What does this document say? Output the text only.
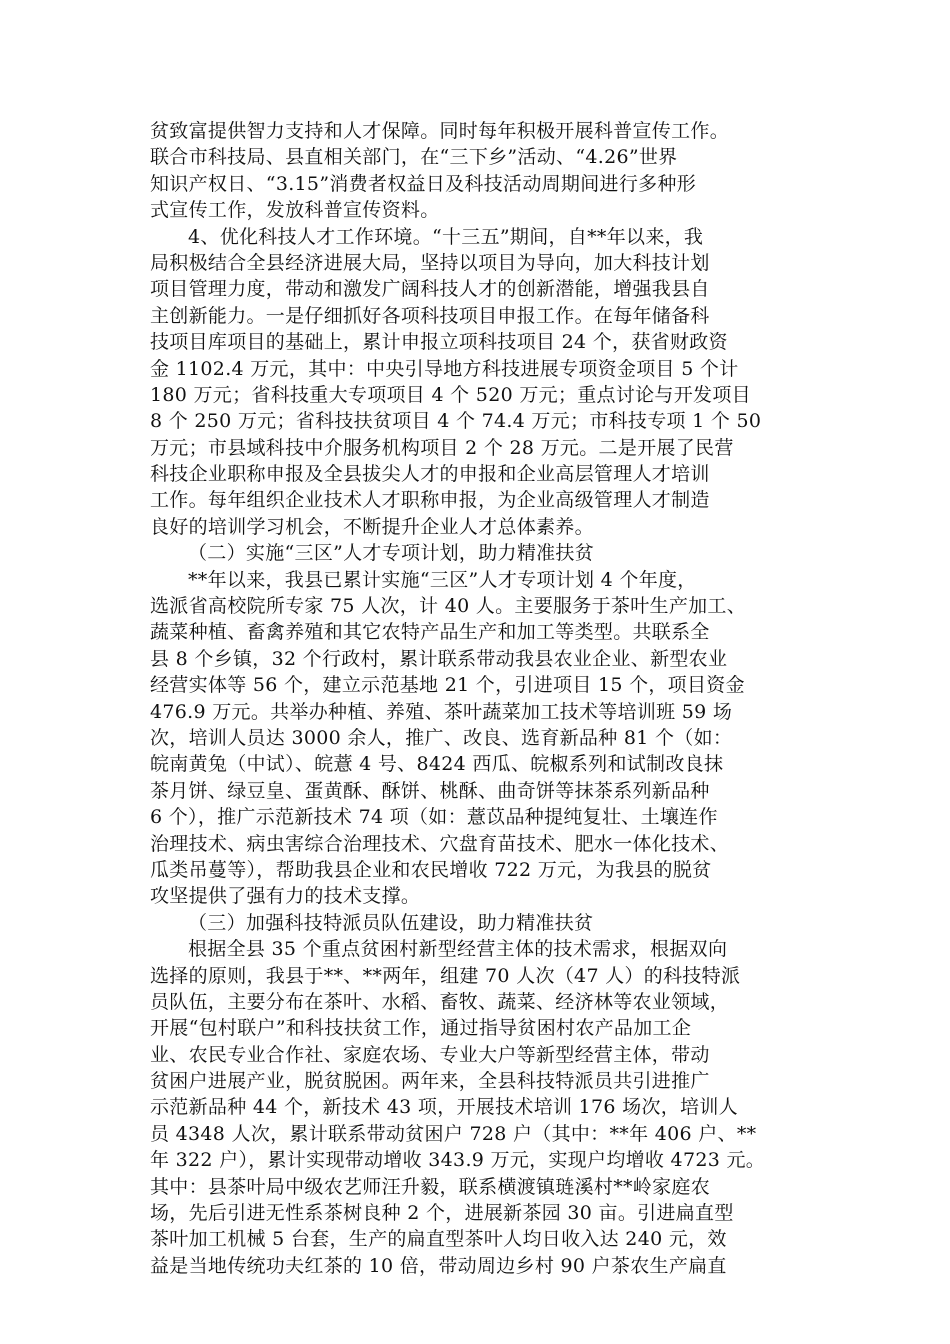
贫致富提供智力支持和人才保障。同时每年积极开展科普宣传工作。
联合市科技局、县直相关部门，在“三下乡”活动、“4.26”世界
知识产权日、“3.15”消费者权益日及科技活动周期间进行多种形
式宣传工作，发放科普宣传资料。
4、优化科技人才工作环境。“十三五”期间，自**年以来，我
局积极结合全县经济进展大局，坚持以项目为导向，加大科技计划
项目管理力度，带动和激发广阔科技人才的创新潜能，增强我县自
主创新能力。一是仔细抓好各项科技项目申报工作。在每年储备科
技项目库项目的基础上，累计申报立项科技项目 24 个，获省财政资
金 1102.4 万元，其中：中央引导地方科技进展专项资金项目 5 个计
180 万元；省科技重大专项项目 4 个 520 万元；重点讨论与开发项目
8 个 250 万元；省科技扶贫项目 4 个 74.4 万元；市科技专项 1 个 50
万元；市县域科技中介服务机构项目 2 个 28 万元。二是开展了民营
科技企业职称申报及全县拔尖人才的申报和企业高层管理人才培训
工作。每年组织企业技术人才职称申报，为企业高级管理人才制造
良好的培训学习机会，不断提升企业人才总体素养。
（二）实施“三区”人才专项计划，助力精准扶贫
**年以来，我县已累计实施“三区”人才专项计划 4 个年度，
选派省高校院所专家 75 人次，计 40 人。主要服务于茶叶生产加工、
蔬菜种植、畜禽养殖和其它农特产品生产和加工等类型。共联系全
县 8 个乡镇，32 个行政村，累计联系带动我县农业企业、新型农业
经营实体等 56 个，建立示范基地 21 个，引进项目 15 个，项目资金
476.9 万元。共举办种植、养殖、茶叶蔬菜加工技术等培训班 59 场
次，培训人员达 3000 余人，推广、改良、选育新品种 81 个（如：
皖南黄兔（中试）、皖薏 4 号、8424 西瓜、皖椒系列和试制改良抹
茶月饼、绿豆皇、蛋黄酥、酥饼、桃酥、曲奇饼等抹茶系列新品种
6 个），推广示范新技术 74 项（如：薏苡品种提纯复壮、土壤连作
治理技术、病虫害综合治理技术、穴盘育苗技术、肥水一体化技术、
瓜类吊蔓等），帮助我县企业和农民增收 722 万元，为我县的脱贫
攻坚提供了强有力的技术支撑。
（三）加强科技特派员队伍建设，助力精准扶贫
根据全县 35 个重点贫困村新型经营主体的技术需求，根据双向
选择的原则，我县于**、**两年，组建 70 人次（47 人）的科技特派
员队伍，主要分布在茶叶、水稻、畜牧、蔬菜、经济林等农业领域，
开展“包村联户”和科技扶贫工作，通过指导贫困村农产品加工企
业、农民专业合作社、家庭农场、专业大户等新型经营主体，带动
贫困户进展产业，脱贫脱困。两年来，全县科技特派员共引进推广
示范新品种 44 个，新技术 43 项，开展技术培训 176 场次，培训人
员 4348 人次，累计联系带动贫困户 728 户（其中：**年 406 户、**
年 322 户），累计实现带动增收 343.9 万元，实现户均增收 4723 元。
其中：县茶叶局中级农艺师汪升毅，联系横渡镇琏溪村**岭家庭农
场，先后引进无性系茶树良种 2 个，进展新茶园 30 亩。引进扁直型
茶叶加工机械 5 台套，生产的扁直型茶叶人均日收入达 240 元，效
益是当地传统功夫红茶的 10 倍，带动周边乡村 90 户茶农生产扁直
